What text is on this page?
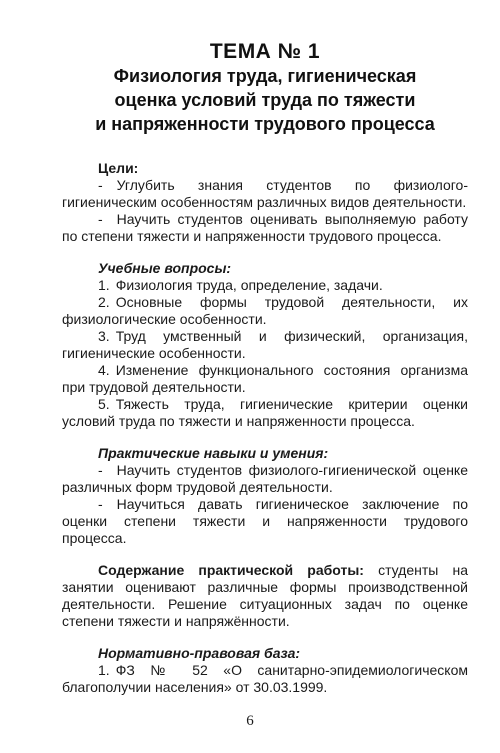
ТЕМА № 1
Физиология труда, гигиеническая
оценка условий труда по тяжести
и напряженности трудового процесса
Цели:

- Углубить знания студентов по физиолого-гигиеническим особенностям различных видов деятельности.

- Научить студентов оценивать выполняемую работу по степени тяжести и напряженности трудового процесса.

Учебные вопросы:

1. Физиология труда, определение, задачи.

2. Основные формы трудовой деятельности, их физиологические особенности.

3. Труд умственный и физический, организация, гигиенические особенности.

4. Изменение функционального состояния организма при трудовой деятельности.

5. Тяжесть труда, гигиенические критерии оценки условий труда по тяжести и напряженности процесса.

Практические навыки и умения:

- Научить студентов физиолого-гигиенической оценке различных форм трудовой деятельности.

- Научиться давать гигиеническое заключение по оценки степени тяжести и напряженности трудового процесса.

Содержание практической работы: студенты на занятии оценивают различные формы производственной деятельности. Решение ситуационных задач по оценке степени тяжести и напряжённости.

Нормативно-правовая база:

1. ФЗ № 52 «О санитарно-эпидемиологическом благополучии населения» от 30.03.1999.

6
